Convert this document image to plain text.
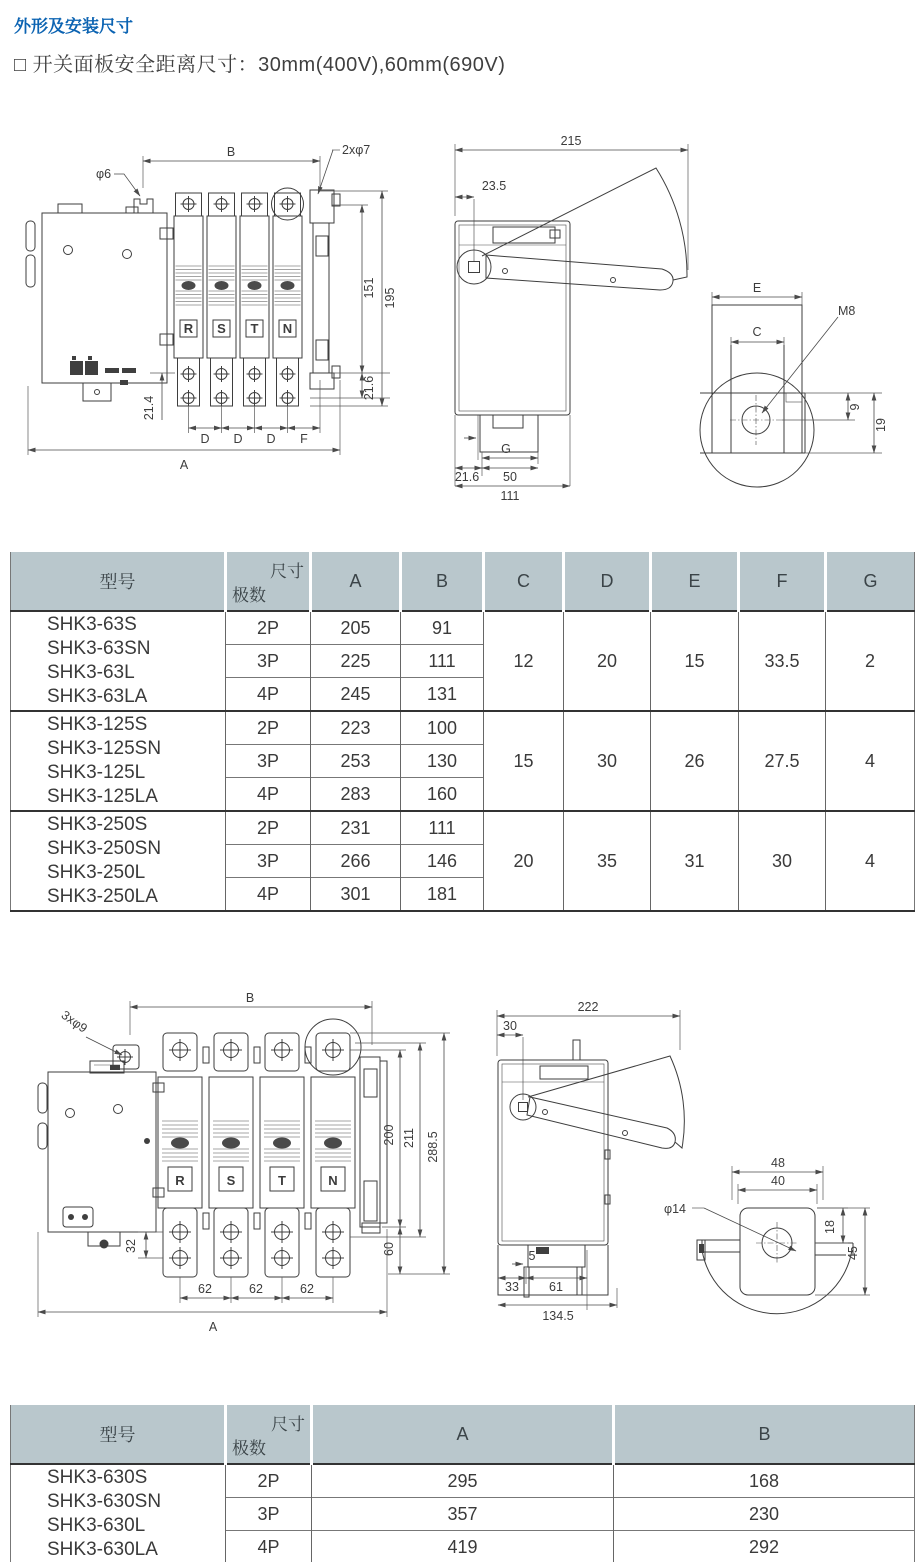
外形及安装尺寸
□ 开关面板安全距离尺寸：30mm(400V),60mm(690V)
R S T N
B	2xφ7
φ6
151 195
21.6
21.4
D D D F
A
215
23.5
G
21.6 50
111
E
C
M8
9
19
型号	尺寸
极数	A	B	C	D	E	F	G

SHK3-63S
SHK3-63SN
SHK3-63L
SHK3-63LA	2P	205	91	12	20	15	33.5	2
	3P	225	111					
	4P	245	131					

SHK3-125S
SHK3-125SN
SHK3-125L
SHK3-125LA	2P	223	100	15	30	26	27.5	4
	3P	253	130					
	4P	283	160					

SHK3-250S
SHK3-250SN
SHK3-250L
SHK3-250LA	2P	231	111	20	35	31	30	4
	3P	266	146					
	4P	301	181					
R	S	T	N
B
3xφ9
200
60
211 288.5
32
62	62	62
A
222
30
5
33 61
134.5
φ14
48
40
18
45
型号	尺寸
极数	A	B

SHK3-630S
SHK3-630SN
SHK3-630L
SHK3-630LA	2P	295	168
	3P	357	230
	4P	419	292
